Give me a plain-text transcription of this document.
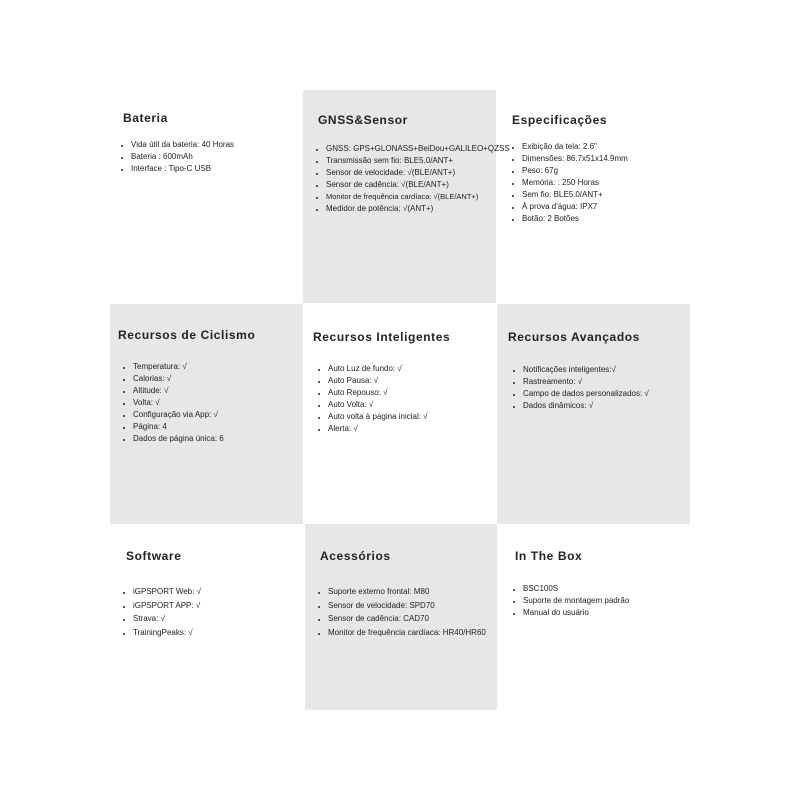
Bateria
• Vida útil da bateria: 40 Horas
• Bateria : 600mAh
• Interface : Tipo-C USB
GNSS&Sensor
• GNSS: GPS+GLONASS+BeiDou+GALILEO+QZSS
• Transmissão sem fio: BLE5.0/ANT+
• Sensor de velocidade: √(BLE/ANT+)
• Sensor de cadência: √(BLE/ANT+)
• Monitor de frequência cardíaca: √(BLE/ANT+)
• Medidor de potência: √(ANT+)
Especificações
• Exibição da tela: 2.6"
• Dimensões: 86.7x51x14.9mm
• Peso: 67g
• Memória: : 250 Horas
• Sem fio: BLE5.0/ANT+
• À prova d'água: IPX7
• Botão: 2 Botões
Recursos de Ciclismo
• Temperatura: √
• Calorias: √
• Altitude: √
• Volta: √
• Configuração via App: √
• Página: 4
• Dados de página única: 6
Recursos Inteligentes
• Auto Luz de fundo: √
• Auto Pausa: √
• Auto Repouso: √
• Auto Volta: √
• Auto volta à pagina inicial: √
• Alerta: √
Recursos Avançados
• Notificações inteligentes:√
• Rastreamento: √
• Campo de dados personalizados: √
• Dados dinâmicos: √
Software
• iGPSPORT Web: √
• iGPSPORT APP: √
• Strava: √
• TrainingPeaks: √
Acessórios
• Suporte externo frontal: M80
• Sensor de velocidade: SPD70
• Sensor de cadência: CAD70
• Monitor de frequência cardíaca: HR40/HR60
In The Box
• BSC100S
• Suporte de montagem padrão
• Manual do usuário
